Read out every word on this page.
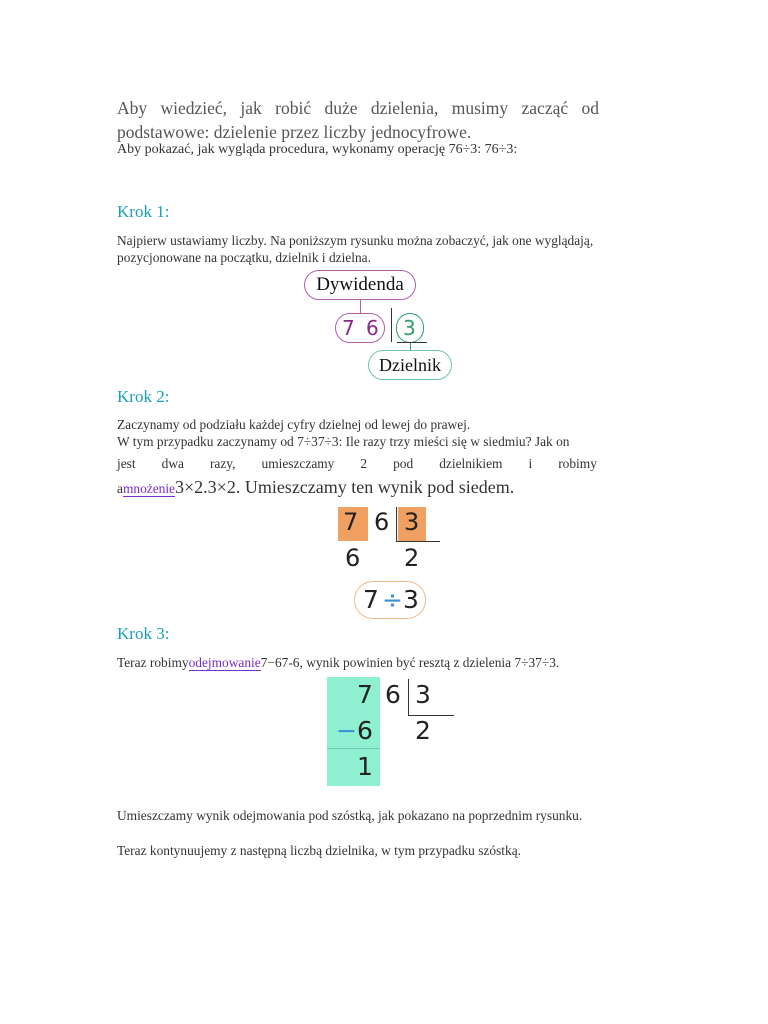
Aby wiedzieć, jak robić duże dzielenia, musimy zacząć od
podstawowe: dzielenie przez liczby jednocyfrowe.
Aby pokazać, jak wygląda procedura, wykonamy operację 76÷3: 76÷3:
Krok 1:
Najpierw ustawiamy liczby. Na poniższym rysunku można zobaczyć, jak one wyglądają,
pozycjonowane na początku, dzielnik i dzielna.
Dywidenda
7 6 3
Dzielnik
Krok 2:
Zaczynamy od podziału każdej cyfry dzielnej od lewej do prawej.
W tym przypadku zaczynamy od 7÷37÷3: Ile razy trzy mieści się w siedmiu? Jak on
jest dwa razy, umieszczamy 2 pod dzielnikiem i robimy
amnożenie3×2.3×2. Umieszczamy ten wynik pod siedem.
7 6 3
6 2
7 ÷ 3
Krok 3:
Teraz robimyodejmowanie7−67-6, wynik powinien być resztą z dzielenia 7÷37÷3.
7 6 3
− 6 2
1
Umieszczamy wynik odejmowania pod szóstką, jak pokazano na poprzednim rysunku.
Teraz kontynuujemy z następną liczbą dzielnika, w tym przypadku szóstką.
